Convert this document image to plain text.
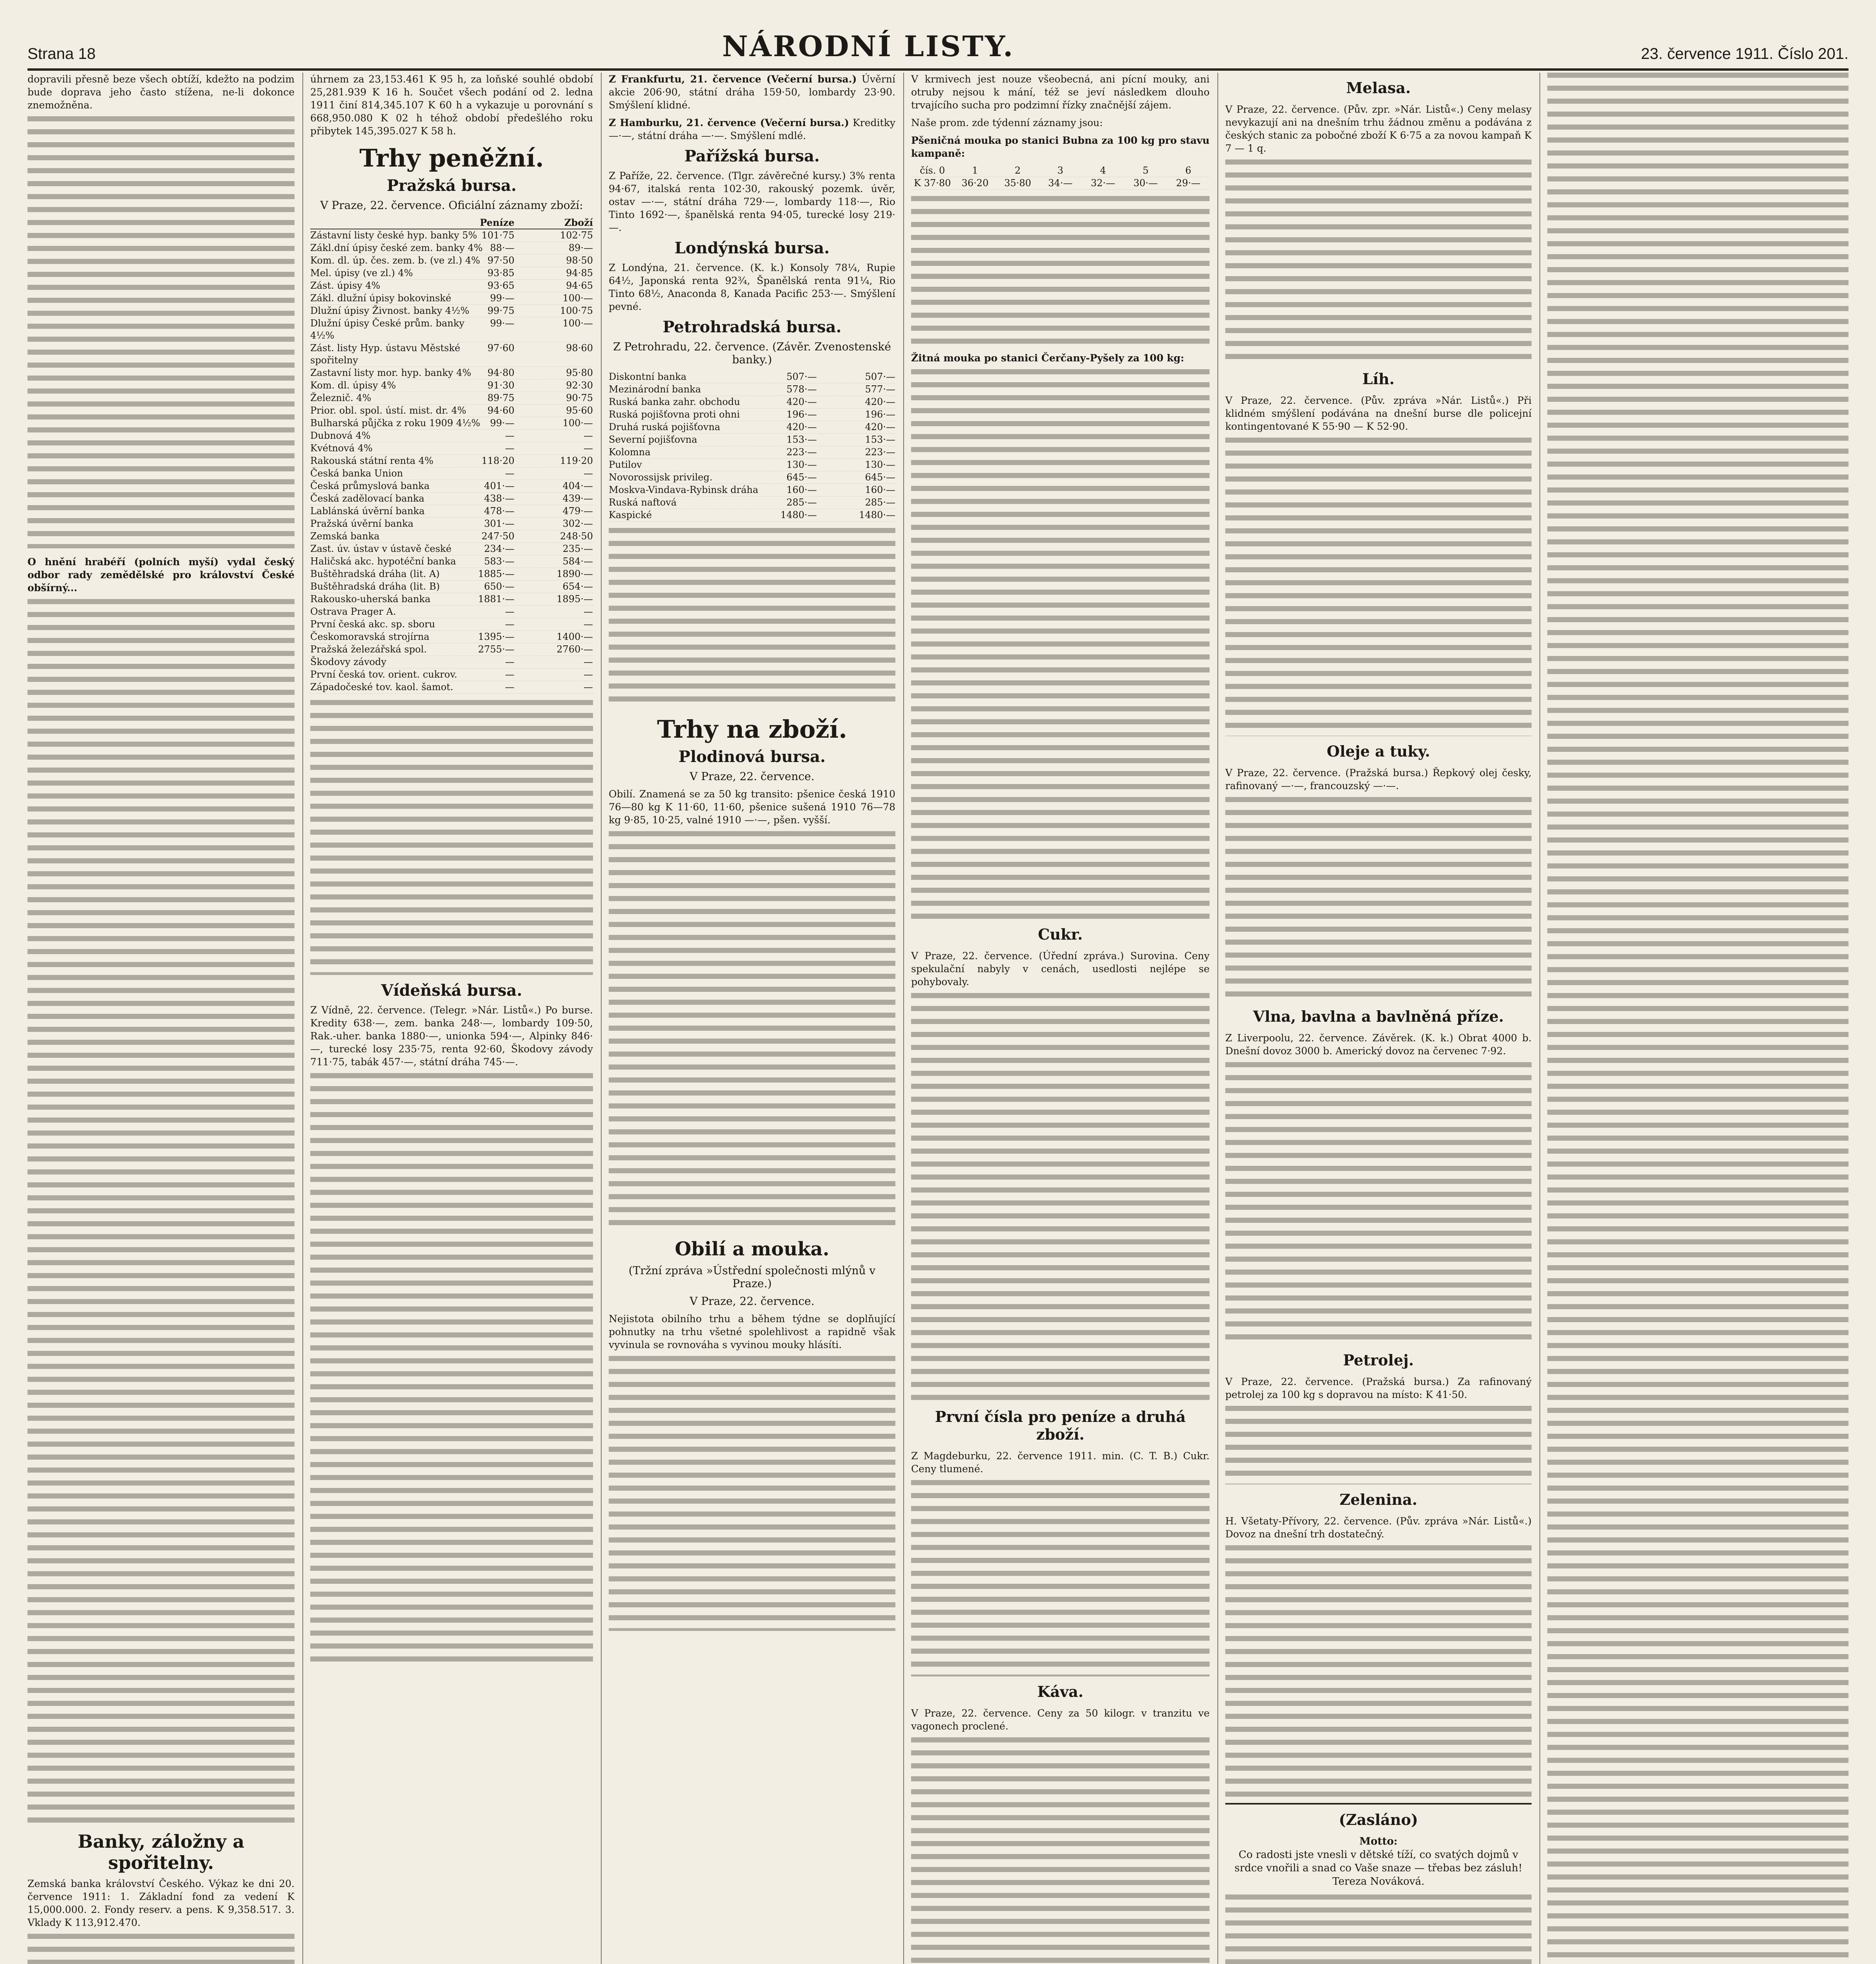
Strana 18	NÁRODNÍ LISTY.	23. července 1911. Číslo 201.

dopravili přesně beze všech obtíží, kdežto na podzim bude doprava jeho často stížena, ne-li dokonce znemožněna.

O hnění hrabéří (polních myší) vydal český odbor rady zemědělské pro království České obšírný...

Banky, záložny a spořitelny.

Zemská banka království Českého. Výkaz ke dni 20. července 1911: 1. Základní fond za vedení K 15,000.000. 2. Fondy reserv. a pens. K 9,358.517. 3. Vklady K 113,912.470.

úhrnem za 23,153.461 K 95 h, za loňské souhlé období 25,281.939 K 16 h. Součet všech podání od 2. ledna 1911 činí 814,345.107 K 60 h a vykazuje u porovnání s 668,950.080 K 02 h téhož období předešlého roku přibytek 145,395.027 K 58 h.

Trhy peněžní.
Pražská bursa.
V Praze, 22. července. Oficiální záznamy zboží:
Peníze	Zboží
Zástavní listy české hyp. banky 5% 101·75	102·75
Zákl.dní úpisy české zem. banky 4% 88·—	89·—
Kom. dl. úp. čes. zem. b. (ve zl.) 4% 97·50	98·50
Mel. úpisy (ve zl.) 4%	93·85	94·85
Zást. úpisy 4%	93·65	94·65
Zákl. dlužní úpisy bokovinské	99·—	100·—
Dlužní úpisy Živnost. banky 4½%	99·75	100·75
Dlužní úpisy České prům. banky 4½%
99·—	100·—
Zást. listy Hyp. ústavu Městské spořitelny
97·60	98·60
Zastavní listy mor. hyp. banky 4%	94·80	95·80
Kom. dl. úpisy 4%	91·30	92·30
Železnič. 4%	89·75	90·75
Prior. obl. spol. ústí. mist. dr. 4%	94·60	95·60
Bulharská půjčka z roku 1909 4½%	99·—	100·—
Dubnová 4%	—	—
Kvétnová 4%	—	—
Rakouská státní renta 4%	118·20	119·20
Česká banka Union	—	—
Česká průmyslová banka	401·—	404·—
Česká zadělovací banka	438·—	439·—
Lablánská úvěrní banka	478·—	479·—
Pražská úvěrní banka	301·—	302·—
Zemská banka	247·50	248·50
Zast. úv. ústav v ústavě české	234·—	235·—
Haličská akc. hypotéční banka	583·—	584·—
Buštěhradská dráha (lit. A)	1885·—	1890·—
Buštěhradská dráha (lit. B)	650·—	654·—
Rakousko-uherská banka	1881·—	1895·—
Ostrava Prager A.	—	—
První česká akc. sp. sboru	—	—
Českomoravská strojírna	1395·—	1400·—
Pražská železářská spol.	2755·—	2760·—
Škodovy závody	—	—
První česká tov. orient. cukrov.	—	—
Západočeské tov. kaol. šamot.	—	—
Vídeňská bursa.

Z Vídně, 22. července. (Telegr. »Nár. Listů«.) Po burse. Kredity 638·—, zem. banka 248·—, lombardy 109·50, Rak.-uher. banka 1880·—, unionka 594·—, Alpinky 846·—, turecké losy 235·75, renta 92·60, Škodovy závody 711·75, tabák 457·—, státní dráha 745·—.

Z Frankfurtu, 21. července (Večerní bursa.) Úvěrní akcie 206·90, státní dráha 159·50, lombardy 23·90. Smýšlení klidné.

Z Hamburku, 21. července (Večerní bursa.) Kreditky —·—, státní dráha —·—. Smýšlení mdlé.

Pařížská bursa.

Z Paříže, 22. července. (Tlgr. závěrečné kursy.) 3% renta 94·67, italská renta 102·30, rakouský pozemk. úvěr, ostav —·—, státní dráha 729·—, lombardy 118·—, Rio Tinto 1692·—, španělská renta 94·05, turecké losy 219·—.

Londýnská bursa.

Z Londýna, 21. července. (K. k.) Konsoly 78¼, Rupie 64½, Japonská renta 92¾, Španělská renta 91¼, Rio Tinto 68½, Anaconda 8, Kanada Pacific 253·—. Smýšlení pevné.

Petrohradská bursa.
Z Petrohradu, 22. července. (Závěr. Zvenostenské banky.)
Diskontní banka	507·—	507·—
Mezinárodní banka	578·—	577·—
Ruská banka zahr. obchodu	420·—	420·—
Ruská pojišťovna proti ohni	196·—	196·—
Druhá ruská pojišťovna	420·—	420·—
Severní pojišťovna	153·—	153·—
Kolomna	223·—	223·—
Putilov	130·—	130·—
Novorossijsk privileg.	645·—	645·—
Moskva-Vindava-Rybinsk dráha	160·—	160·—
Ruská naftová	285·—	285·—
Kaspické	1480·—	1480·—
Trhy na zboží.
Plodinová bursa.
V Praze, 22. července.

Obilí. Znamená se za 50 kg transito: pšenice česká 1910 76—80 kg K 11·60, 11·60, pšenice sušená 1910 76—78 kg 9·85, 10·25, valné 1910 —·—, pšen. vyšší.

Obilí a mouka.
(Tržní zpráva »Ústřední společnosti mlýnů v Praze.)
V Praze, 22. července.

Nejistota obilního trhu a během týdne se doplňující pohnutky na trhu všetné spolehlivost a rapidně však vyvinula se rovnováha s vyvinou mouky hlásíti.

V krmivech jest nouze všeobecná, ani pícní mouky, ani otruby nejsou k mání, též se jeví následkem dlouho trvajícího sucha pro podzimní řízky značnější zájem.

Naše prom. zde týdenní záznamy jsou:

Pšeničná mouka po stanici Bubna za 100 kg pro stavu kampaně:

čís. 0	1	2	3	4	5	6
K 37·80	36·20	35·80	34·—	32·—	30·—	29·—

Žitná mouka po stanici Čerčany-Pyšely za 100 kg:

Cukr.

V Praze, 22. července. (Úřední zpráva.) Surovina. Ceny spekulační nabyly v cenách, usedlosti nejlépe se pohybovaly.

První čísla pro peníze a druhá zboží.

Z Magdeburku, 22. července 1911. min. (C. T. B.) Cukr. Ceny tlumené.

Káva.

V Praze, 22. července. Ceny za 50 kilogr. v tranzitu ve vagonech proclené.

Melasa.

V Praze, 22. července. (Pův. zpr. »Nár. Listů«.) Ceny melasy nevykazují ani na dnešním trhu žádnou změnu a podávána z českých stanic za pobočné zboží K 6·75 a za novou kampaň K 7 — 1 q.

Líh.

V Praze, 22. července. (Pův. zpráva »Nár. Listů«.) Při klidném smýšlení podávána na dnešní burse dle policejní kontingentované K 55·90 — K 52·90.

Oleje a tuky.

V Praze, 22. července. (Pražská bursa.) Řepkový olej česky, rafinovaný —·—, francouzský —·—.

Vlna, bavlna a bavlněná příze.

Z Liverpoolu, 22. července. Závěrek. (K. k.) Obrat 4000 b. Dnešní dovoz 3000 b. Americký dovoz na červenec 7·92.

Petrolej.

V Praze, 22. července. (Pražská bursa.) Za rafinovaný petrolej za 100 kg s dopravou na místo: K 41·50.

Zelenina.

H. Všetaty-Přívory, 22. července. (Pův. zpráva »Nár. Listů«.) Dovoz na dnešní trh dostatečný.

(Zasláno)
Motto:
Co radosti jste vnesli v dětské tíží, co svatých dojmů v srdce vnořili a snad co Vaše snaze — třebas bez zásluh!
Tereza Nováková.
